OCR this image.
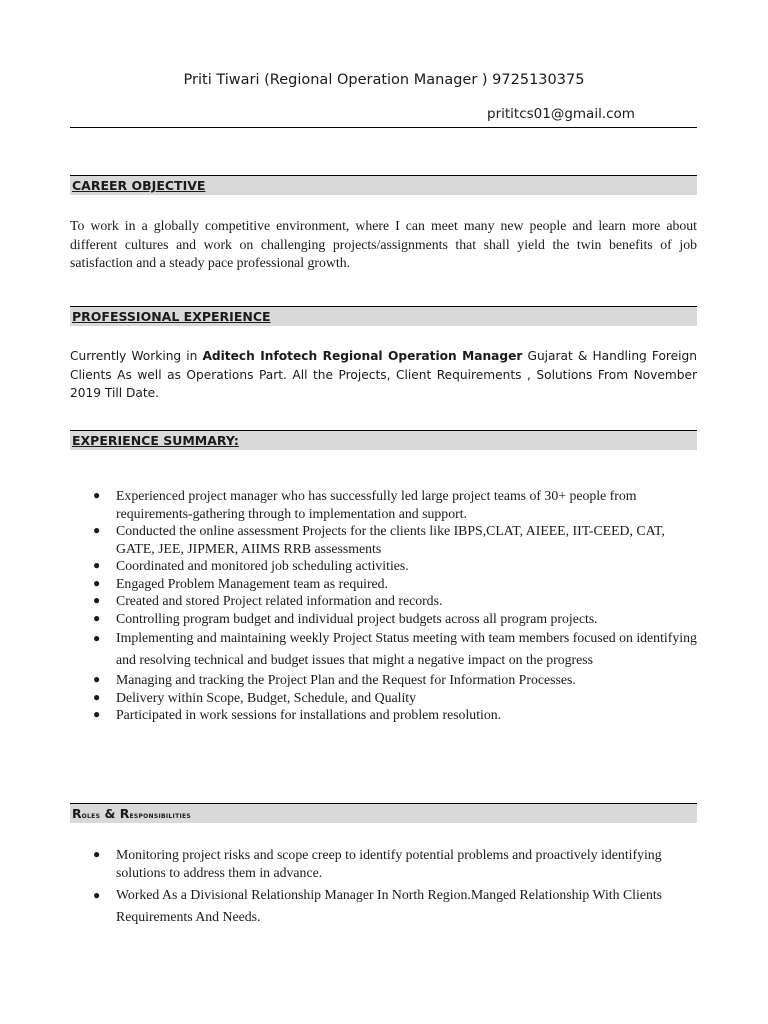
Priti Tiwari (Regional Operation Manager ) 9725130375
prititcs01@gmail.com
CAREER OBJECTIVE
To work in a globally competitive environment, where I can meet many new people and learn more about different cultures and work on challenging projects/assignments that shall yield the twin benefits of job satisfaction and a steady pace professional growth.
PROFESSIONAL EXPERIENCE
Currently Working in Aditech Infotech Regional Operation Manager Gujarat & Handling Foreign Clients As well as Operations Part. All the Projects, Client Requirements , Solutions From November 2019 Till Date.
EXPERIENCE SUMMARY:
● Experienced project manager who has successfully led large project teams of 30+ people from requirements-gathering through to implementation and support.
● Conducted the online assessment Projects for the clients like IBPS,CLAT, AIEEE, IIT-CEED, CAT, GATE, JEE, JIPMER, AIIMS RRB assessments
● Coordinated and monitored job scheduling activities.
● Engaged Problem Management team as required.
● Created and stored Project related information and records.
● Controlling program budget and individual project budgets across all program projects.
● Implementing and maintaining weekly Project Status meeting with team members focused on identifying and resolving technical and budget issues that might a negative impact on the progress
● Managing and tracking the Project Plan and the Request for Information Processes.
● Delivery within Scope, Budget, Schedule, and Quality
● Participated in work sessions for installations and problem resolution.
Roles & Responsibilities
● Monitoring project risks and scope creep to identify potential problems and proactively identifying solutions to address them in advance.
● Worked As a Divisional Relationship Manager In North Region.Manged Relationship With Clients Requirements And Needs.
